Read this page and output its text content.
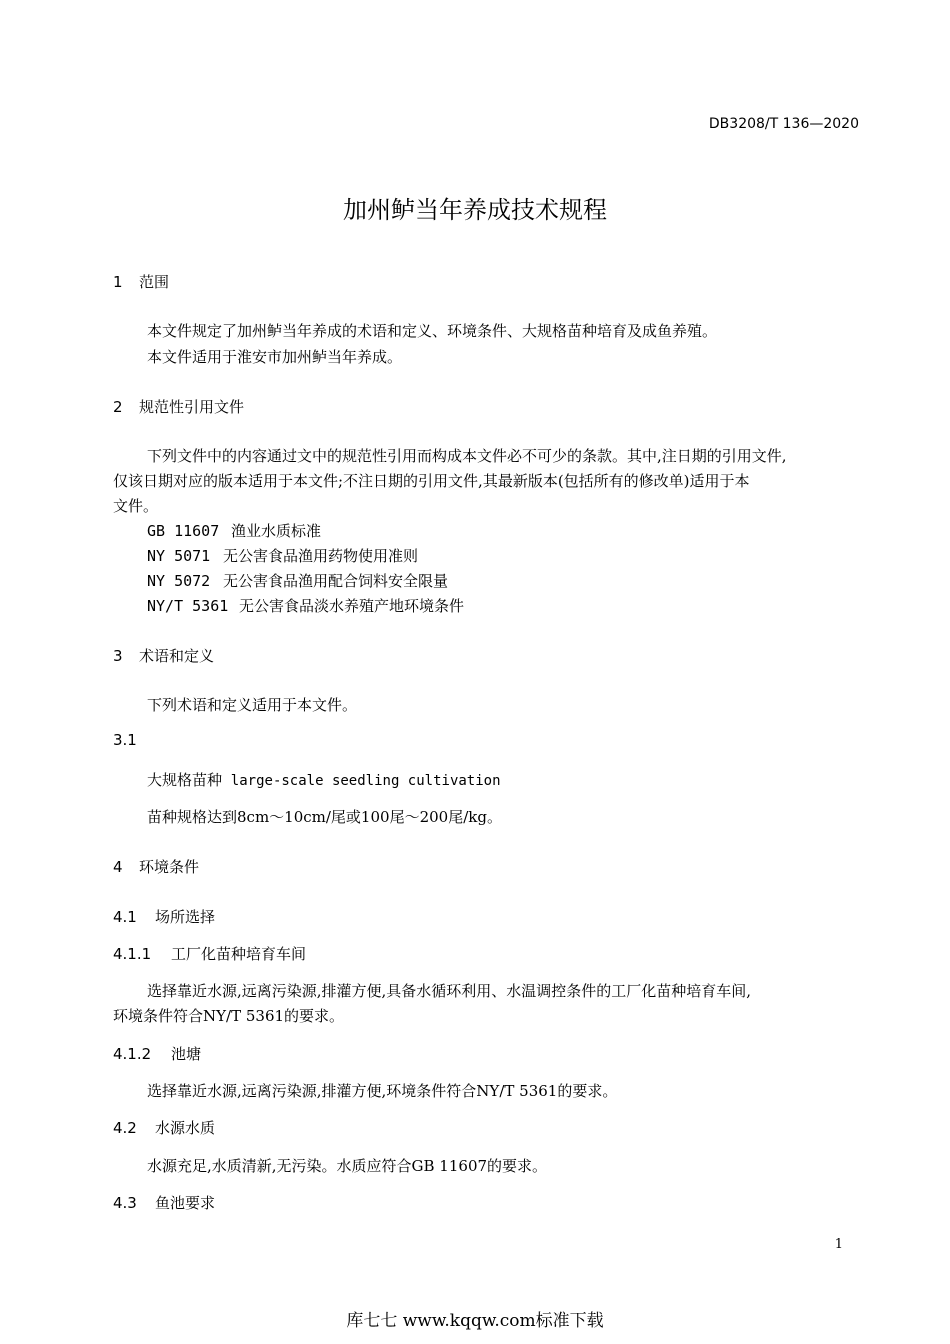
DB3208/T 136—2020
加州鲈当年养成技术规程
1 范围
本文件规定了加州鲈当年养成的术语和定义、环境条件、大规格苗种培育及成鱼养殖。
本文件适用于淮安市加州鲈当年养成。
2 规范性引用文件
下列文件中的内容通过文中的规范性引用而构成本文件必不可少的条款。其中,注日期的引用文件,
仅该日期对应的版本适用于本文件;不注日期的引用文件,其最新版本(包括所有的修改单)适用于本
文件。
GB 11607 渔业水质标准
NY 5071 无公害食品渔用药物使用准则
NY 5072 无公害食品渔用配合饲料安全限量
NY/T 5361 无公害食品淡水养殖产地环境条件
3 术语和定义
下列术语和定义适用于本文件。
3.1
大规格苗种 large-scale seedling cultivation
苗种规格达到8cm～10cm/尾或100尾～200尾/kg。
4 环境条件
4.1 场所选择
4.1.1 工厂化苗种培育车间
选择靠近水源,远离污染源,排灌方便,具备水循环利用、水温调控条件的工厂化苗种培育车间,
环境条件符合NY/T 5361的要求。
4.1.2 池塘
选择靠近水源,远离污染源,排灌方便,环境条件符合NY/T 5361的要求。
4.2 水源水质
水源充足,水质清新,无污染。水质应符合GB 11607的要求。
4.3 鱼池要求
1
库七七 www.kqqw.com标准下载
